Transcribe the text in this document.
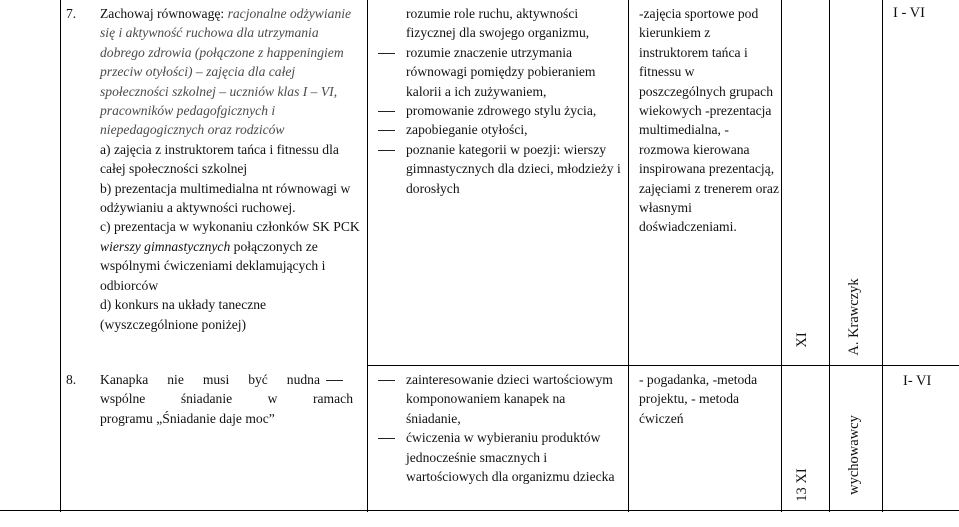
7. Zachowaj równowagę: racjonalne odżywianie się i aktywność ruchowa dla utrzymania dobrego zdrowia (połączone z happeningiem przeciw otyłości) – zajęcia dla całej społeczności szkolnej – uczniów klas I – VI, pracowników pedagofgicznych i niepedagogicznych oraz rodziców
a) zajęcia z instruktorem tańca i fitnessu dla całej społeczności szkolnej
b) prezentacja multimedialna nt równowagi w odżywianiu a aktywności ruchowej.
c) prezentacja w wykonaniu członków SK PCK wierszy gimnastycznych połączonych ze wspólnymi ćwiczeniami deklamujących i odbiorców
d) konkurs na układy taneczne (wyszczególnione poniżej)
rozumie role ruchu, aktywności fizycznej dla swojego organizmu,
rozumie znaczenie utrzymania równowagi pomiędzy pobieraniem kalorii a ich zużywaniem,
promowanie zdrowego stylu życia,
zapobieganie otyłości,
poznanie kategorii w poezji: wierszy gimnastycznych dla dzieci, młodzieży i dorosłych
-zajęcia sportowe pod kierunkiem z instruktorem tańca i fitnessu w poszczególnych grupach wiekowych -prezentacja multimedialna, -rozmowa kierowana inspirowana prezentacją, zajęciami z trenerem oraz własnymi doświadczeniami.
XI A. Krawczyk
I - VI
8. Kanapka nie musi być nudna
wspólne śniadanie w ramach
programu „Śniadanie daje moc”
zainteresowanie dzieci wartościowym komponowaniem kanapek na śniadanie,
ćwiczenia w wybieraniu produktów jednocześnie smacznych i wartościowych dla organizmu dziecka
- pogadanka, -metoda projektu, - metoda ćwiczeń
13 XI wychowawcy
I- VI
